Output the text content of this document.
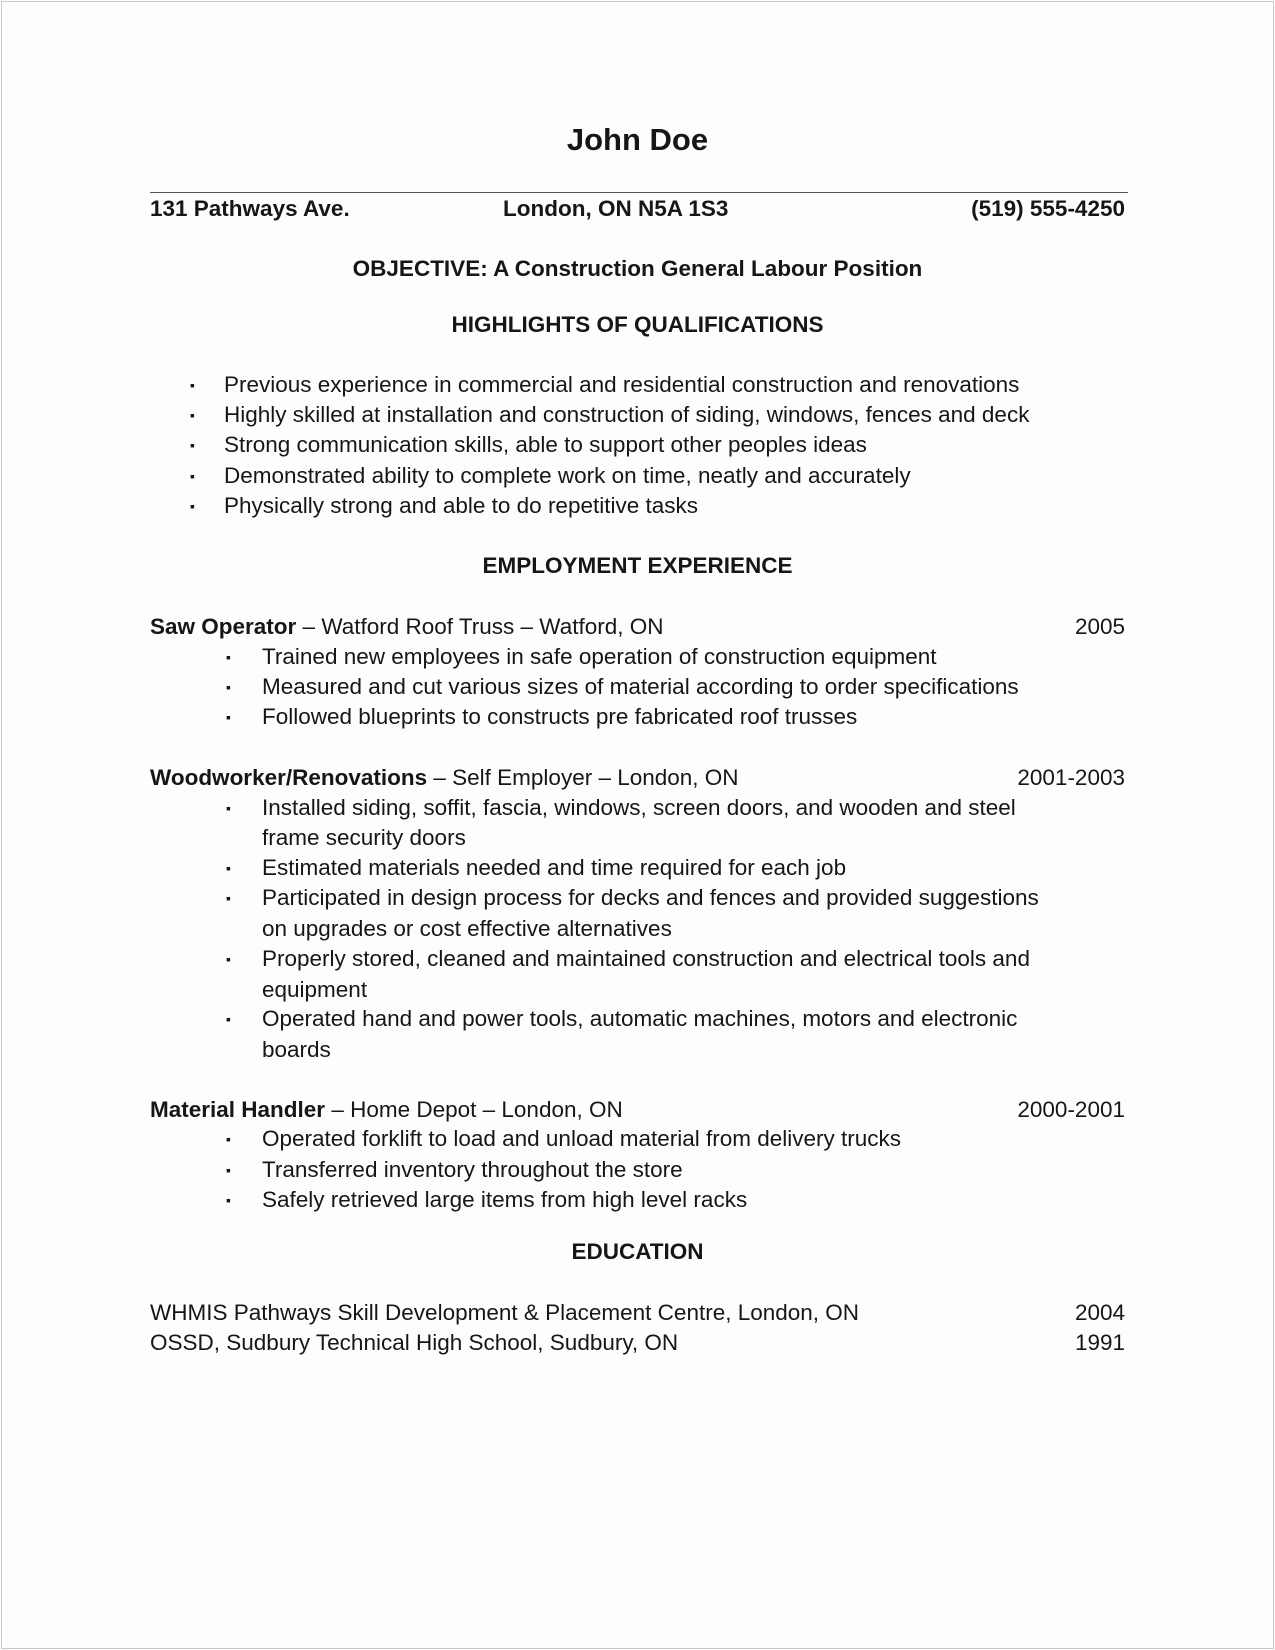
John Doe
131 Pathways Ave.	London, ON N5A 1S3	(519) 555-4250
OBJECTIVE: A Construction General Labour Position
HIGHLIGHTS OF QUALIFICATIONS
▪ Previous experience in commercial and residential construction and renovations
▪ Highly skilled at installation and construction of siding, windows, fences and deck
▪ Strong communication skills, able to support other peoples ideas
▪ Demonstrated ability to complete work on time, neatly and accurately
▪ Physically strong and able to do repetitive tasks
EMPLOYMENT EXPERIENCE
Saw Operator – Watford Roof Truss – Watford, ON	2005
▪ Trained new employees in safe operation of construction equipment
▪ Measured and cut various sizes of material according to order specifications
▪ Followed blueprints to constructs pre fabricated roof trusses
Woodworker/Renovations – Self Employer – London, ON	2001-2003
▪ Installed siding, soffit, fascia, windows, screen doors, and wooden and steel
frame security doors
▪ Estimated materials needed and time required for each job
▪ Participated in design process for decks and fences and provided suggestions
on upgrades or cost effective alternatives
▪ Properly stored, cleaned and maintained construction and electrical tools and
equipment
▪ Operated hand and power tools, automatic machines, motors and electronic
boards
Material Handler – Home Depot – London, ON	2000-2001
▪ Operated forklift to load and unload material from delivery trucks
▪ Transferred inventory throughout the store
▪ Safely retrieved large items from high level racks
EDUCATION
WHMIS Pathways Skill Development & Placement Centre, London, ON	2004
OSSD, Sudbury Technical High School, Sudbury, ON	1991
